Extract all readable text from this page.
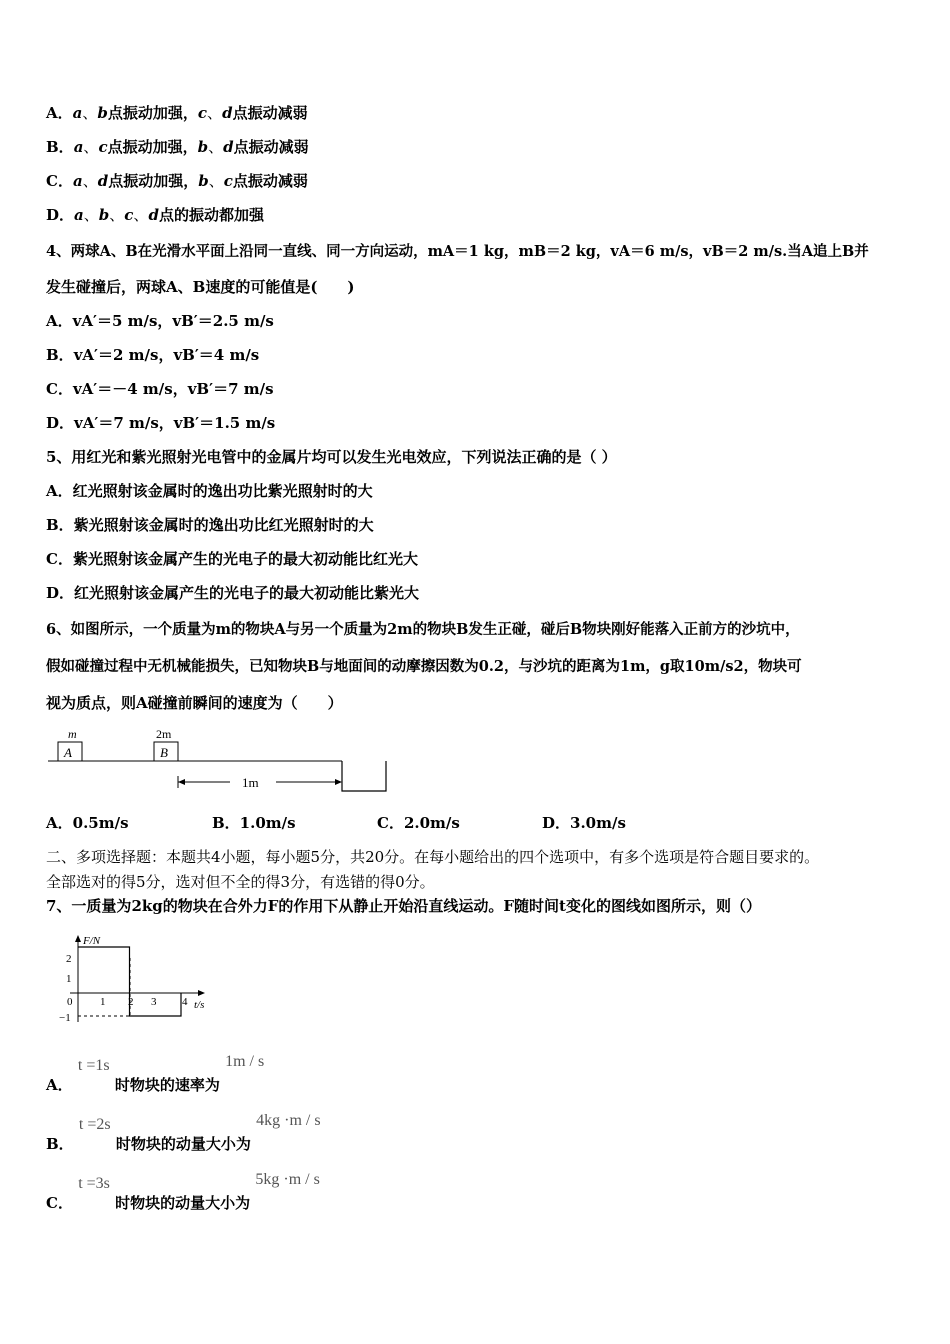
A．a、b点振动加强，c、d点振动减弱
B．a、c点振动加强，b、d点振动减弱
C．a、d点振动加强，b、c点振动减弱
D．a、b、c、d点的振动都加强
4、两球A、B在光滑水平面上沿同一直线、同一方向运动，mA＝1 kg，mB＝2 kg，vA＝6 m/s，vB＝2 m/s.当A追上B并
发生碰撞后，两球A、B速度的可能值是(　　)
A．vA′＝5 m/s，vB′＝2.5 m/s
B．vA′＝2 m/s，vB′＝4 m/s
C．vA′＝－4 m/s，vB′＝7 m/s
D．vA′＝7 m/s，vB′＝1.5 m/s
5、用红光和紫光照射光电管中的金属片均可以发生光电效应，下列说法正确的是（ ）
A．红光照射该金属时的逸出功比紫光照射时的大
B．紫光照射该金属时的逸出功比红光照射时的大
C．紫光照射该金属产生的光电子的最大初动能比红光大
D．红光照射该金属产生的光电子的最大初动能比紫光大
6、如图所示，一个质量为m的物块A与另一个质量为2m的物块B发生正碰，碰后B物块刚好能落入正前方的沙坑中，
假如碰撞过程中无机械能损失，已知物块B与地面间的动摩擦因数为0.2，与沙坑的距离为1m，g取10m/s2，物块可
视为质点，则A碰撞前瞬间的速度为（　　）
m
A
2m
B
1m
A．0.5m/s	B．1.0m/s	C．2.0m/s	D．3.0m/s
二、多项选择题：本题共4小题，每小题5分，共20分。在每小题给出的四个选项中，有多个选项是符合题目要求的。
全部选对的得5分，选对但不全的得3分，有选错的得0分。
7、一质量为2kg的物块在合外力F的作用下从静止开始沿直线运动。F随时间t变化的图线如图所示，则（）
F/N
t/s
2
1
−1
0	1 2 3 4
A． t =1s 时物块的速率为 1m / s
B． t =2s 时物块的动量大小为 4kg ·m / s
C． t =3s 时物块的动量大小为 5kg ·m / s
